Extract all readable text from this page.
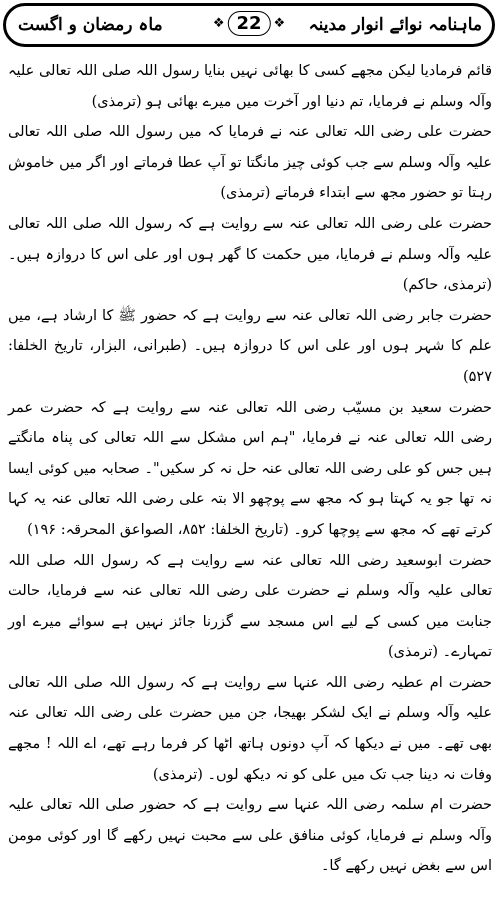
ماہنامہ نوائے انوار مدینہ
❖ 22 ❖
ماہ رمضان و اگست

قائم فرمادیا لیکن مجھے کسی کا بھائی نہیں بنایا رسول اللہ صلی اللہ تعالی علیہ وآلہ وسلم نے فرمایا، تم دنیا اور آخرت میں میرے بھائی ہو (ترمذی)

حضرت علی رضی اللہ تعالی عنہ نے فرمایا کہ میں رسول اللہ صلی اللہ تعالی علیہ وآلہ وسلم سے جب کوئی چیز مانگتا تو آپ عطا فرماتے اور اگر میں خاموش رہتا تو حضور مجھ سے ابتداء فرماتے (ترمذی)

حضرت علی رضی اللہ تعالی عنہ سے روایت ہے کہ رسول اللہ صلی اللہ تعالی علیہ وآلہ وسلم نے فرمایا، میں حکمت کا گھر ہوں اور علی اس کا دروازہ ہیں۔ (ترمذی، حاکم)

حضرت جابر رضی اللہ تعالی عنہ سے روایت ہے کہ حضور ﷺ کا ارشاد ہے، میں علم کا شہر ہوں اور علی اس کا دروازہ ہیں۔ (طبرانی، البزار، تاریخ الخلفا: ۵۲۷)

حضرت سعید بن مسیّب رضی اللہ تعالی عنہ سے روایت ہے کہ حضرت عمر رضی اللہ تعالی عنہ نے فرمایا، "ہم اس مشکل سے اللہ تعالی کی پناہ مانگتے ہیں جس کو علی رضی اللہ تعالی عنہ حل نہ کر سکیں"۔ صحابہ میں کوئی ایسا نہ تھا جو یہ کہتا ہو کہ مجھ سے پوچھو الا بتہ علی رضی اللہ تعالی عنہ یہ کہا کرتے تھے کہ مجھ سے پوچھا کرو۔ (تاریخ الخلفا: ۸۵۲، الصواعق المحرقہ: ۱۹۶)

حضرت ابوسعید رضی اللہ تعالی عنہ سے روایت ہے کہ رسول اللہ صلی اللہ تعالی علیہ وآلہ وسلم نے حضرت علی رضی اللہ تعالی عنہ سے فرمایا، حالت جنابت میں کسی کے لیے اس مسجد سے گزرنا جائز نہیں ہے سوائے میرے اور تمہارے۔ (ترمذی)

حضرت ام عطیہ رضی اللہ عنہا سے روایت ہے کہ رسول اللہ صلی اللہ تعالی علیہ وآلہ وسلم نے ایک لشکر بھیجا، جن میں حضرت علی رضی اللہ تعالی عنہ بھی تھے۔ میں نے دیکھا کہ آپ دونوں ہاتھ اٹھا کر فرما رہے تھے، اے اللہ ! مجھے وفات نہ دینا جب تک میں علی کو نہ دیکھ لوں۔ (ترمذی)

حضرت ام سلمہ رضی اللہ عنہا سے روایت ہے کہ حضور صلی اللہ تعالی علیہ وآلہ وسلم نے فرمایا، کوئی منافق علی سے محبت نہیں رکھے گا اور کوئی مومن اس سے بغض نہیں رکھے گا۔
